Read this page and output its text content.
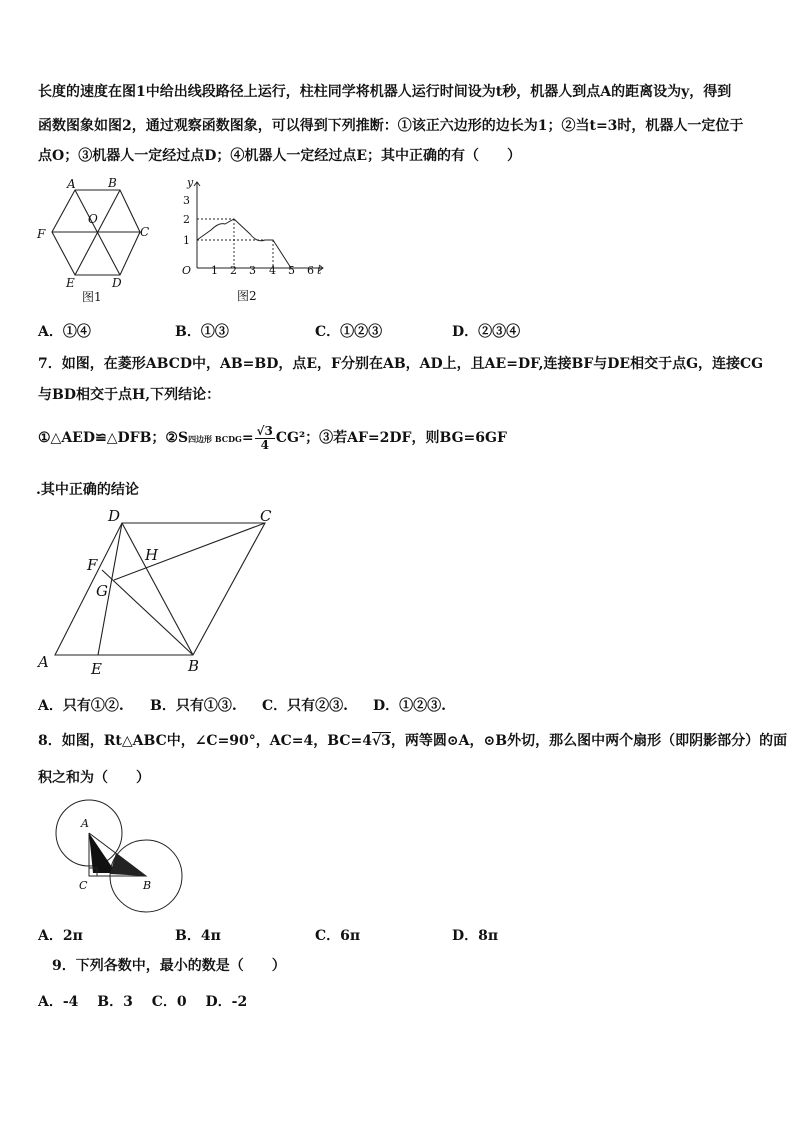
长度的速度在图1中给出线段路径上运行，柱柱同学将机器人运行时间设为t秒，机器人到点A的距离设为y，得到
函数图象如图2，通过观察函数图象，可以得到下列推断：①该正六边形的边长为1；②当t=3时，机器人一定位于
点O；③机器人一定经过点D；④机器人一定经过点E；其中正确的有（　　）
A	B
C
D
E
F
O
图1
y
3
2
1
O 1 2 3 4 5 6 t
图2
A．①④	B．①③	C．①②③	D．②③④
7．如图，在菱形ABCD中，AB=BD，点E，F分别在AB，AD上，且AE=DF,连接BF与DE相交于点G，连接CG
与BD相交于点H,下列结论：
①△AED≌△DFB；②S四边形 BCDG= $\frac{√3}{4} CG^2$；③若AF=2DF，则BG=6GF
.其中正确的结论
D	C
H
F
G
A	E	B
A．只有①②. B．只有①③. C．只有②③. D．①②③.
8．如图，Rt△ABC中，∠C=90°，AC=4，BC=4√3，两等圆⊙A，⊙B外切，那么图中两个扇形（即阴影部分）的面
积之和为（　　）
A
C	B
A．2π	B．4π	C．6π	D．8π
9．下列各数中，最小的数是（　　）
A．-4　 B．3　 C．0　 D．-2
